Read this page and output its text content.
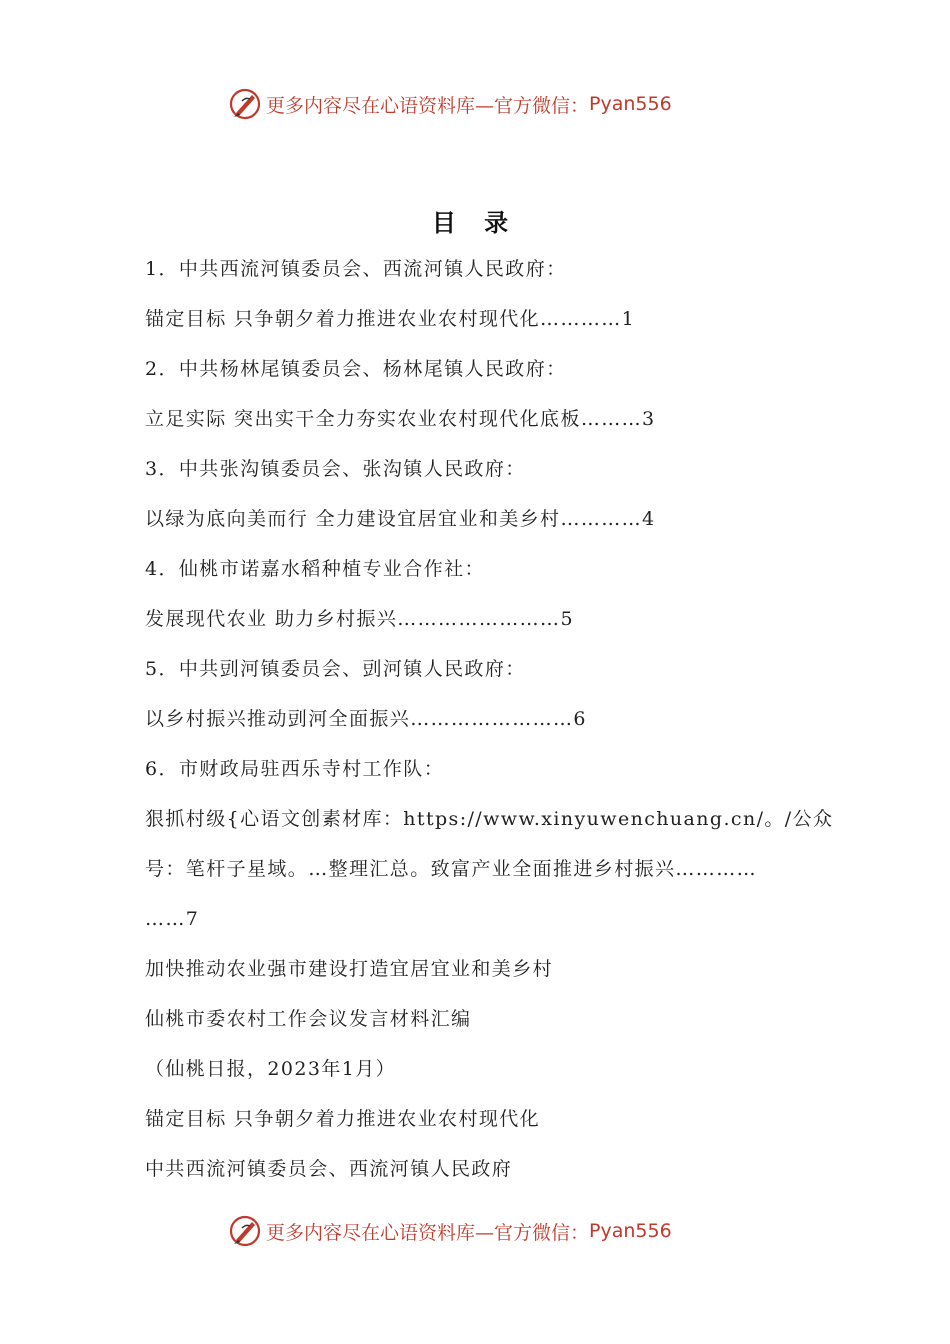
更多内容尽在心语资料库 —官方微信： Pyan556
目 录
1．中共西流河镇委员会、西流河镇人民政府：
锚定目标 只争朝夕着力推进农业农村现代化…………1
2．中共杨林尾镇委员会、杨林尾镇人民政府：
立足实际 突出实干全力夯实农业农村现代化底板………3
3．中共张沟镇委员会、张沟镇人民政府：
以绿为底向美而行 全力建设宜居宜业和美乡村…………4
4．仙桃市诺嘉水稻种植专业合作社：
发展现代农业 助力乡村振兴……………………5
5．中共剅河镇委员会、剅河镇人民政府：
以乡村振兴推动剅河全面振兴……………………6
6．市财政局驻西乐寺村工作队：
狠抓村级{心语文创素材库：https://www.xinyuwenchuang.cn/。/公众
号：笔杆子星域。…整理汇总。致富产业全面推进乡村振兴…………
……7
加快推动农业强市建设打造宜居宜业和美乡村
仙桃市委农村工作会议发言材料汇编
（仙桃日报，2023年1月）
锚定目标 只争朝夕着力推进农业农村现代化
中共西流河镇委员会、西流河镇人民政府
更多内容尽在心语资料库 —官方微信： Pyan556
